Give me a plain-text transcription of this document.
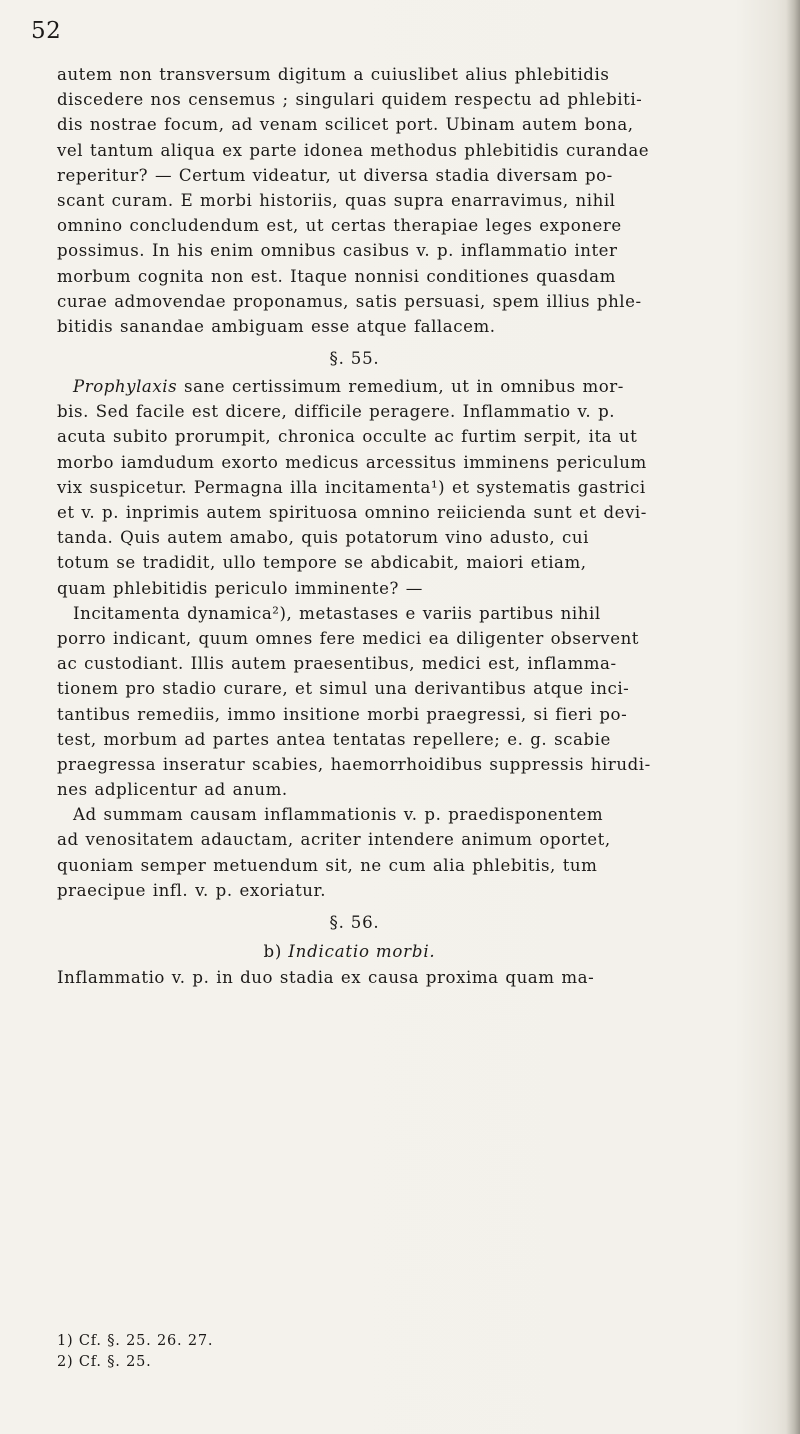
52
autem non transversum digitum a cuiuslibet alius phlebitidis
discedere nos censemus ; singulari quidem respectu ad phlebiti-
dis nostrae focum, ad venam scilicet port. Ubinam autem bona,
vel tantum aliqua ex parte idonea methodus phlebitidis curandae
reperitur? — Certum videatur, ut diversa stadia diversam po-
scant curam. E morbi historiis, quas supra enarravimus, nihil
omnino concludendum est, ut certas therapiae leges exponere
possimus. In his enim omnibus casibus v. p. inflammatio inter
morbum cognita non est. Itaque nonnisi conditiones quasdam
curae admovendae proponamus, satis persuasi, spem illius phle-
bitidis sanandae ambiguam esse atque fallacem.
§. 55.
Prophylaxis sane certissimum remedium, ut in omnibus mor-
bis. Sed facile est dicere, difficile peragere. Inflammatio v. p.
acuta subito prorumpit, chronica occulte ac furtim serpit, ita ut
morbo iamdudum exorto medicus arcessitus imminens periculum
vix suspicetur. Permagna illa incitamenta¹) et systematis gastrici
et v. p. inprimis autem spirituosa omnino reiicienda sunt et devi-
tanda. Quis autem amabo, quis potatorum vino adusto, cui
totum se tradidit, ullo tempore se abdicabit, maiori etiam,
quam phlebitidis periculo imminente? —
Incitamenta dynamica²), metastases e variis partibus nihil
porro indicant, quum omnes fere medici ea diligenter observent
ac custodiant. Illis autem praesentibus, medici est, inflamma-
tionem pro stadio curare, et simul una derivantibus atque inci-
tantibus remediis, immo insitione morbi praegressi, si fieri po-
test, morbum ad partes antea tentatas repellere; e. g. scabie
praegressa inseratur scabies, haemorrhoidibus suppressis hirudi-
nes adplicentur ad anum.
Ad summam causam inflammationis v. p. praedisponentem
ad venositatem adauctam, acriter intendere animum oportet,
quoniam semper metuendum sit, ne cum alia phlebitis, tum
praecipue infl. v. p. exoriatur.
§. 56.
b) Indicatio morbi.
Inflammatio v. p. in duo stadia ex causa proxima quam ma-
1) Cf. §. 25. 26. 27.
2) Cf. §. 25.
